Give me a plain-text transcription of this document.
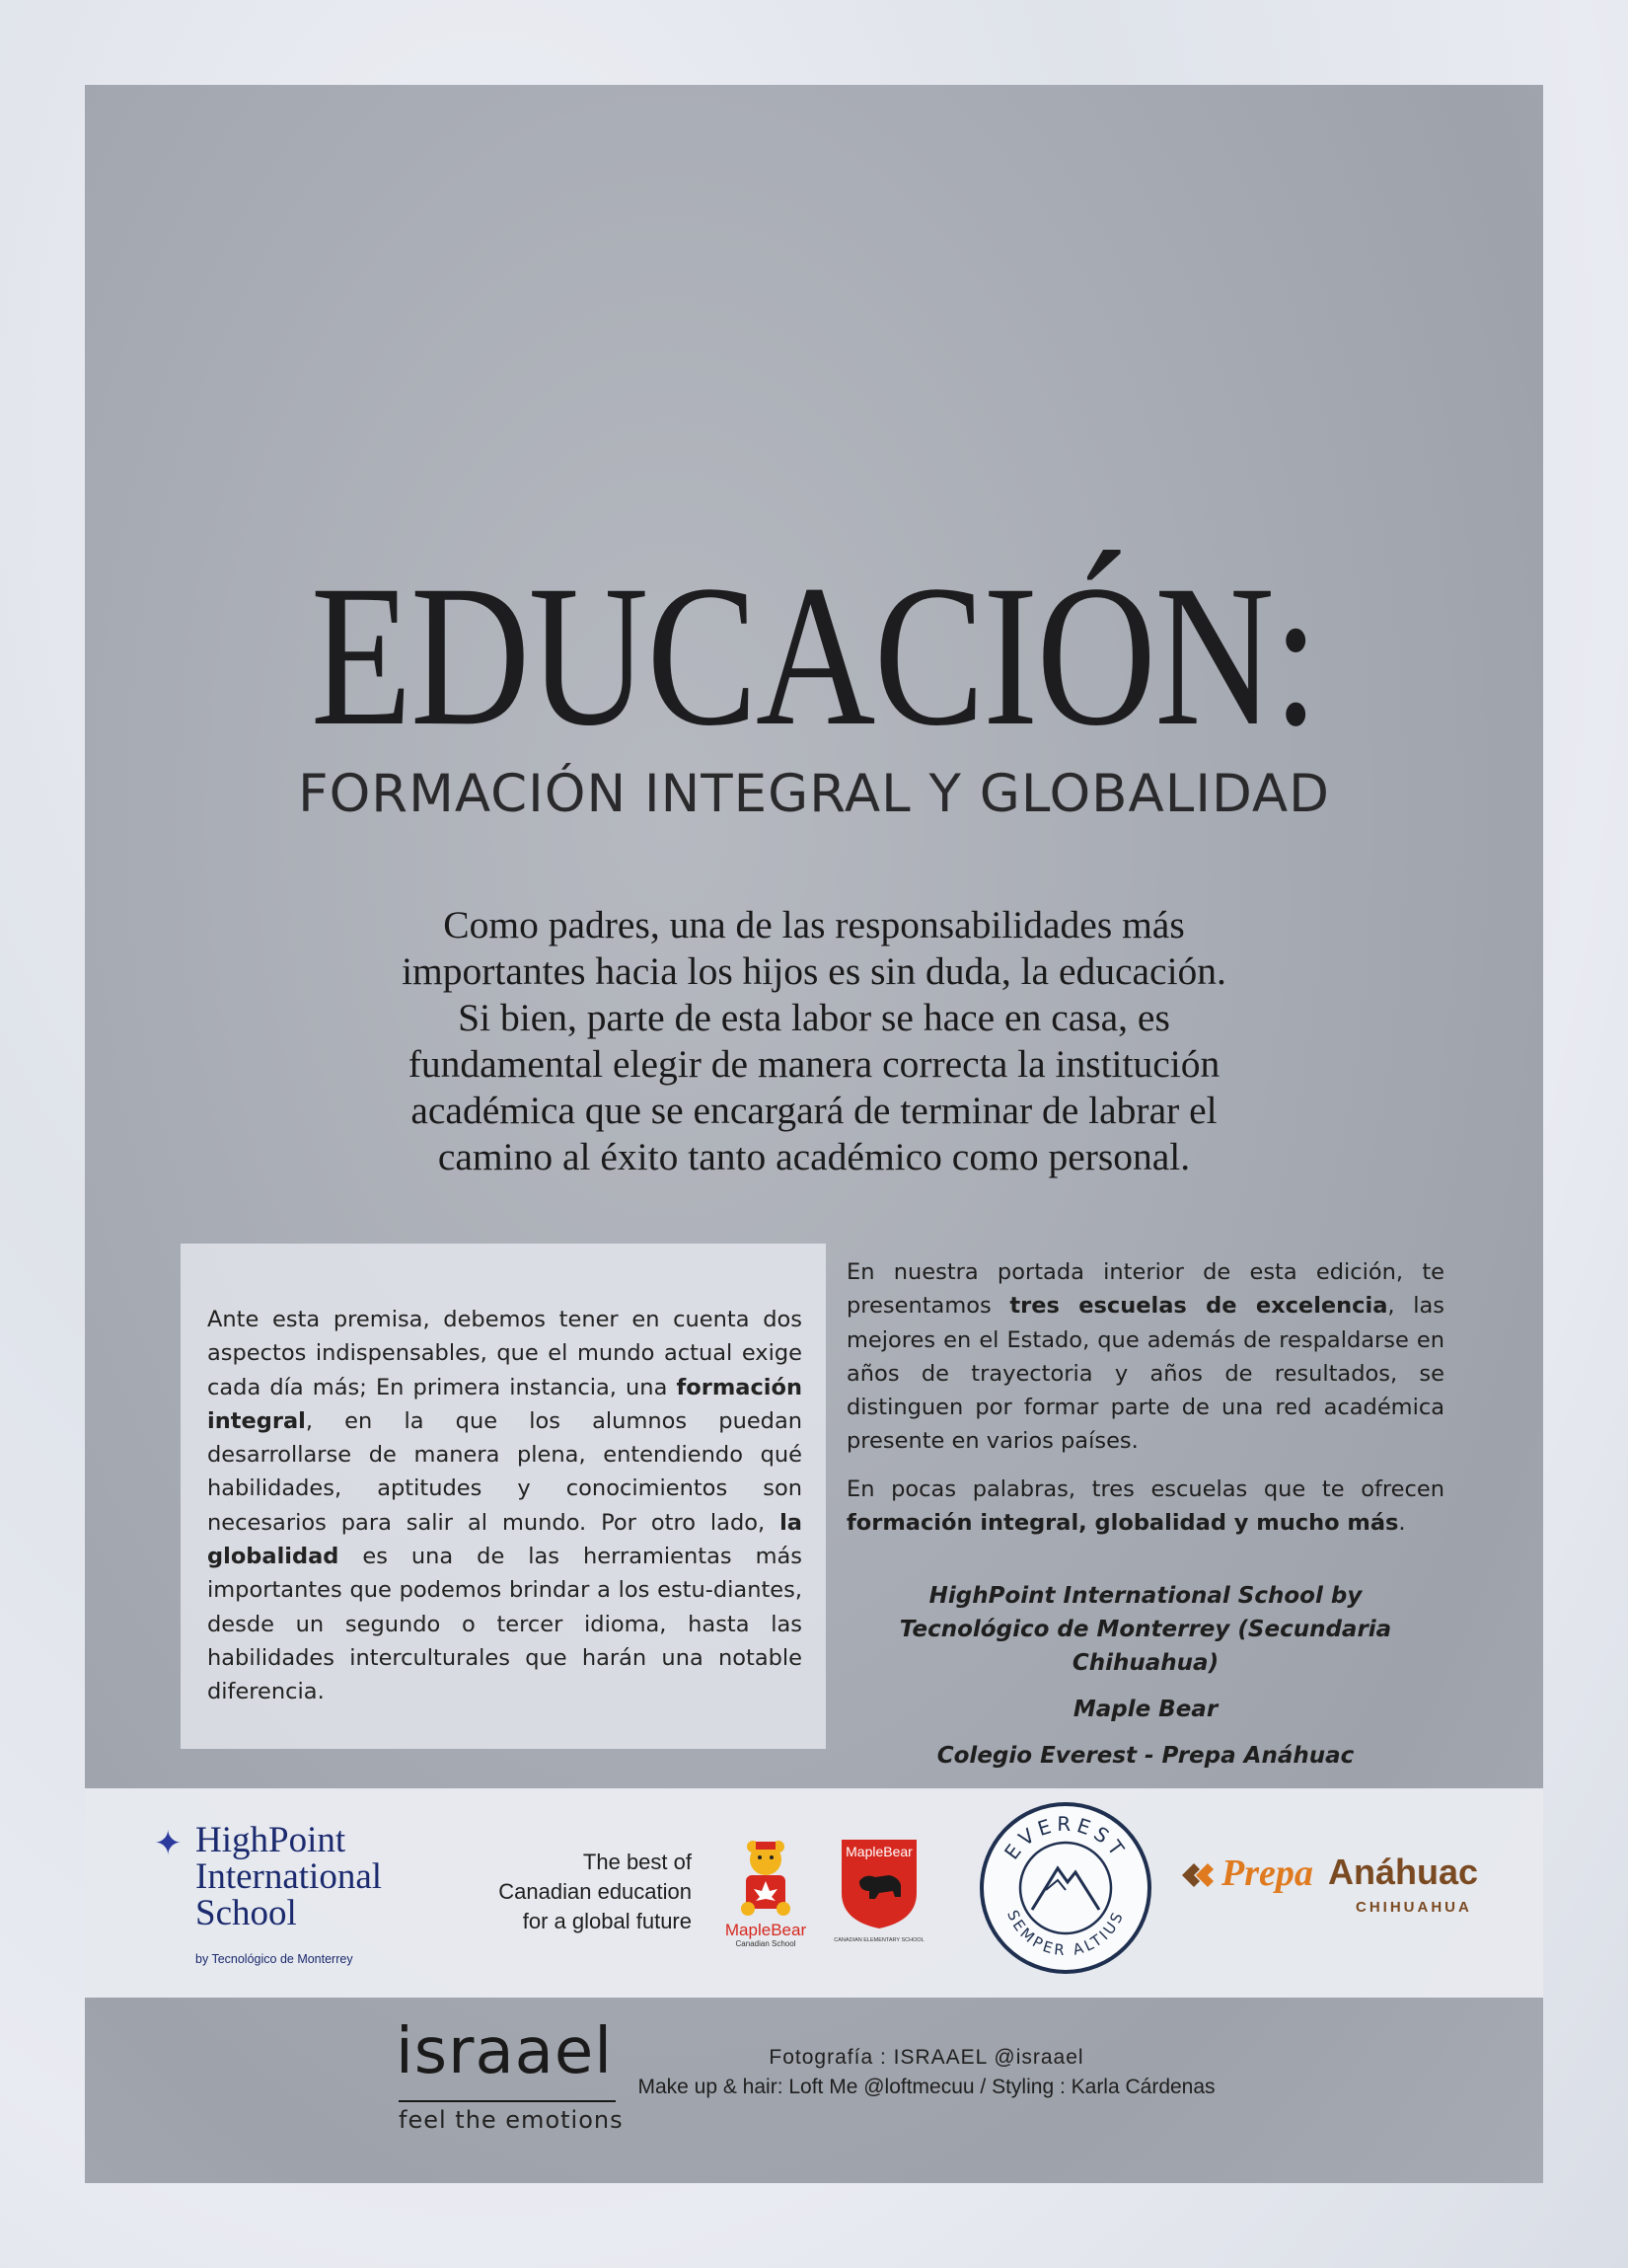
EDUCACIÓN:
FORMACIÓN INTEGRAL Y GLOBALIDAD

Como padres, una de las responsabilidades más

importantes hacia los hijos es sin duda, la educación.

Si bien, parte de esta labor se hace en casa, es

fundamental elegir de manera correcta la institución

académica que se encargará de terminar de labrar el

camino al éxito tanto académico como personal.

Ante esta premisa, debemos tener en cuenta dos aspectos indispensables, que el mundo actual exige cada día más; En primera instancia, una formación integral, en la que los alumnos puedan desarrollarse de manera plena, entendiendo qué habilidades, aptitudes y conocimientos son necesarios para salir al mundo. Por otro lado, la globalidad es una de las herramientas más importantes que podemos brindar a los estu-diantes, desde un segundo o tercer idioma, hasta las habilidades interculturales que harán una notable diferencia.

En nuestra portada interior de esta edición, te presentamos tres escuelas de excelencia, las mejores en el Estado, que además de respaldarse en años de trayectoria y años de resultados, se distinguen por formar parte de una red académica presente en varios países.

En pocas palabras, tres escuelas que te ofrecen formación integral, globalidad y mucho más.

HighPoint International School by Tecnológico de Monterrey (Secundaria Chihuahua)

Maple Bear

Colegio Everest - Prepa Anáhuac

✦ HighPoint
International
School
by Tecnológico de Monterrey
The best of
Canadian education
for a global future	MapleBear
Canadian School
MapleBear
CANADIAN ELEMENTARY SCHOOL
EVEREST
SEMPER ALTIUS
Prepa Anáhuac
CHIHUAHUA
israael
feel the emotions
Fotografía : ISRAAEL @israael
Make up & hair: Loft Me @loftmecuu / Styling : Karla Cárdenas
